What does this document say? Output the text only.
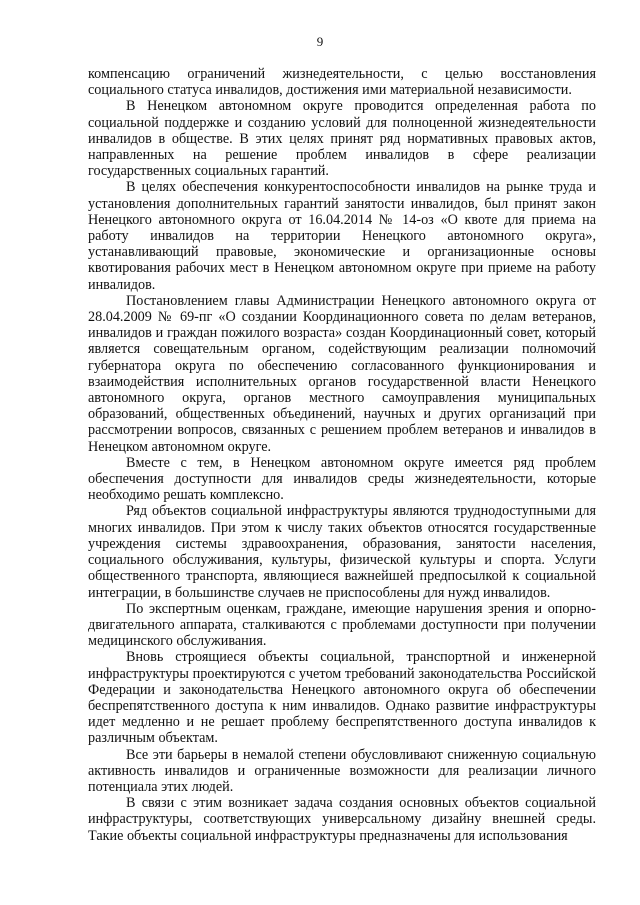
9

компенсацию ограничений жизнедеятельности, с целью восстановления социального статуса инвалидов, достижения ими материальной независимости.

В Ненецком автономном округе проводится определенная работа по социальной поддержке и созданию условий для полноценной жизнедеятельности инвалидов в обществе. В этих целях принят ряд нормативных правовых актов, направленных на решение проблем инвалидов в сфере реализации государственных социальных гарантий.

В целях обеспечения конкурентоспособности инвалидов на рынке труда и установления дополнительных гарантий занятости инвалидов, был принят закон Ненецкого автономного округа от 16.04.2014 № 14-оз «О квоте для приема на работу инвалидов на территории Ненецкого автономного округа», устанавливающий правовые, экономические и организационные основы квотирования рабочих мест в Ненецком автономном округе при приеме на работу инвалидов.

Постановлением главы Администрации Ненецкого автономного округа от 28.04.2009 № 69-пг «О создании Координационного совета по делам ветеранов, инвалидов и граждан пожилого возраста» создан Координационный совет, который является совещательным органом, содействующим реализации полномочий губернатора округа по обеспечению согласованного функционирования и взаимодействия исполнительных органов государственной власти Ненецкого автономного округа, органов местного самоуправления муниципальных образований, общественных объединений, научных и других организаций при рассмотрении вопросов, связанных с решением проблем ветеранов и инвалидов в Ненецком автономном округе.

Вместе с тем, в Ненецком автономном округе имеется ряд проблем обеспечения доступности для инвалидов среды жизнедеятельности, которые необходимо решать комплексно.

Ряд объектов социальной инфраструктуры являются труднодоступными для многих инвалидов. При этом к числу таких объектов относятся государственные учреждения системы здравоохранения, образования, занятости населения, социального обслуживания, культуры, физической культуры и спорта. Услуги общественного транспорта, являющиеся важнейшей предпосылкой к социальной интеграции, в большинстве случаев не приспособлены для нужд инвалидов.

По экспертным оценкам, граждане, имеющие нарушения зрения и опорно-двигательного аппарата, сталкиваются с проблемами доступности при получении медицинского обслуживания.

Вновь строящиеся объекты социальной, транспортной и инженерной инфраструктуры проектируются с учетом требований законодательства Российской Федерации и законодательства Ненецкого автономного округа об обеспечении беспрепятственного доступа к ним инвалидов. Однако развитие инфраструктуры идет медленно и не решает проблему беспрепятственного доступа инвалидов к различным объектам.

Все эти барьеры в немалой степени обусловливают сниженную социальную активность инвалидов и ограниченные возможности для реализации личного потенциала этих людей.

В связи с этим возникает задача создания основных объектов социальной инфраструктуры, соответствующих универсальному дизайну внешней среды. Такие объекты социальной инфраструктуры предназначены для использования
